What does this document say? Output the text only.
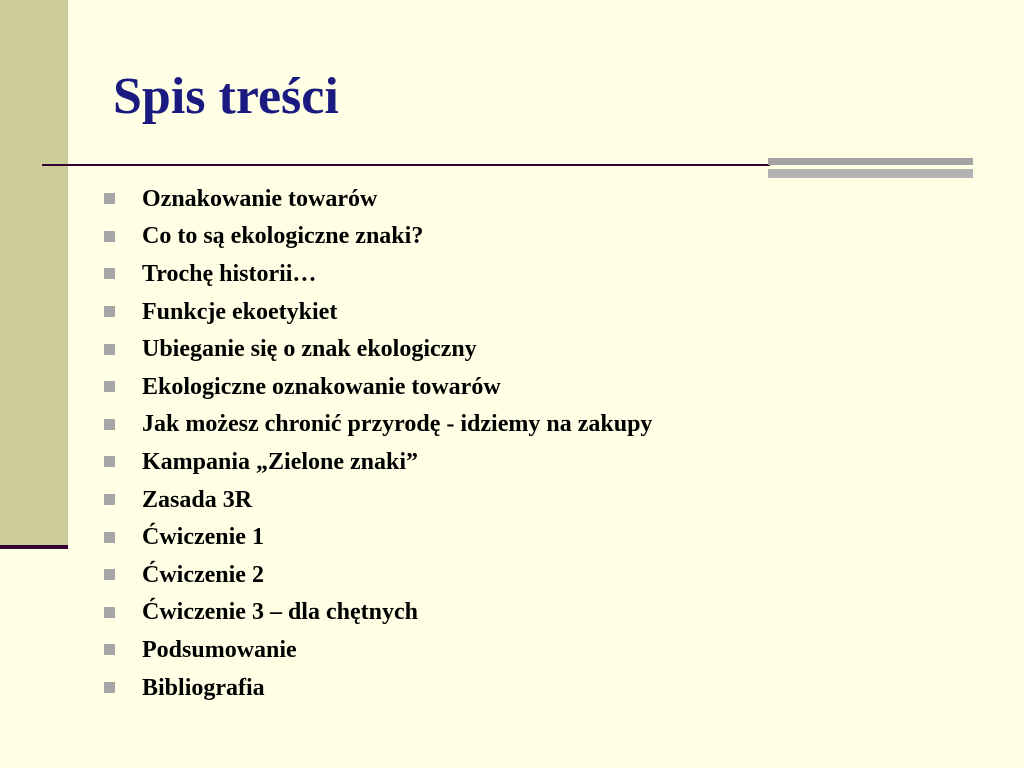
Spis treści
Oznakowanie towarów
Co to są ekologiczne znaki?
Trochę historii…
Funkcje ekoetykiet
Ubieganie się o znak ekologiczny
Ekologiczne oznakowanie towarów
Jak możesz chronić przyrodę - idziemy na zakupy
Kampania „Zielone znaki”
Zasada 3R
Ćwiczenie 1
Ćwiczenie 2
Ćwiczenie 3 – dla chętnych
Podsumowanie
Bibliografia
